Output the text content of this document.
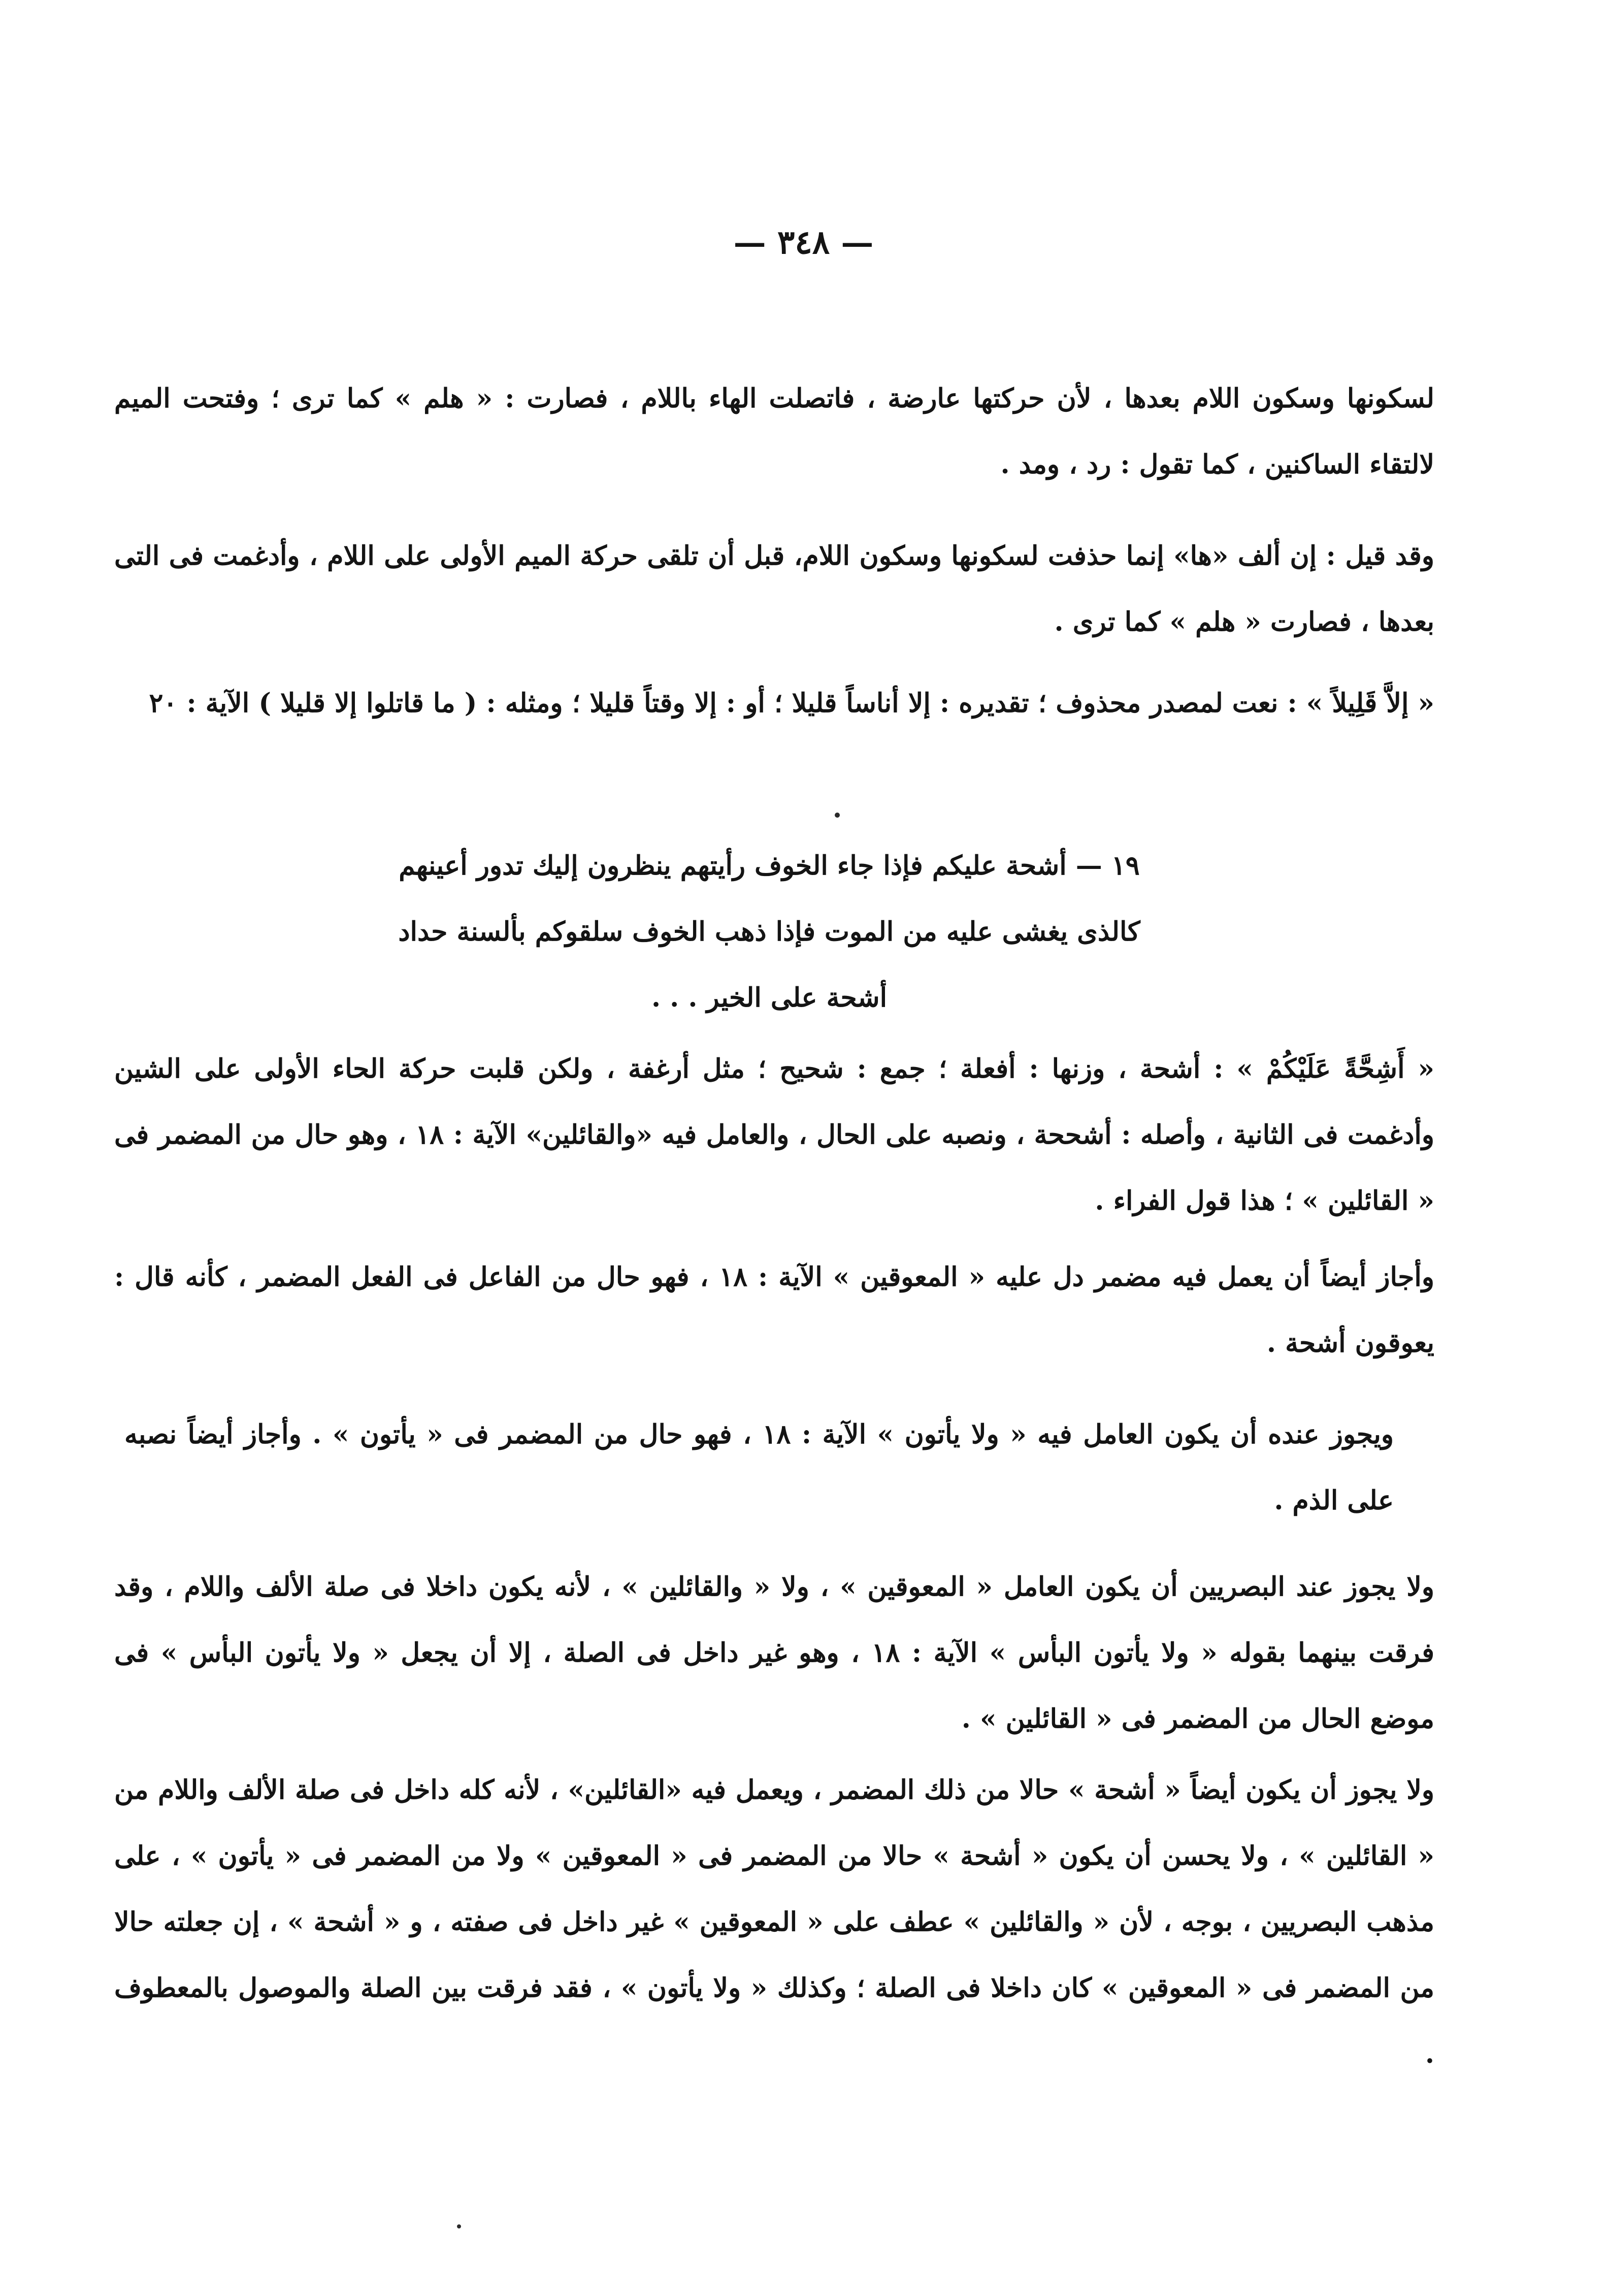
— ٣٤٨ —

لسكونها وسكون اللام بعدها ، لأن حركتها عارضة ، فاتصلت الهاء باللام ، فصارت : « هلم » كما ترى ؛ وفتحت الميم لالتقاء الساكنين ، كما تقول : رد ، ومد .

وقد قيل : إن ألف «ها» إنما حذفت لسكونها وسكون اللام، قبل أن تلقى حركة الميم الأولى على اللام ، وأدغمت فى التى بعدها ، فصارت « هلم » كما ترى .

« إلاَّ قَلِيلاً » : نعت لمصدر محذوف ؛ تقديره : إلا أناساً قليلا ؛ أو : إلا وقتاً قليلا ؛ ومثله : ( ما قاتلوا إلا قليلا ) الآية : ٢٠

١٩ — أشحة عليكم فإذا جاء الخوف رأيتهم ينظرون إليك تدور أعينهم
كالذى يغشى عليه من الموت فإذا ذهب الخوف سلقوكم بألسنة حداد
أشحة على الخير . . .

« أَشِحَّةً عَلَيْكُمْ » : أشحة ، وزنها : أفعلة ؛ جمع : شحيح ؛ مثل أرغفة ، ولكن قلبت حركة الحاء الأولى على الشين وأدغمت فى الثانية ، وأصله : أشححة ، ونصبه على الحال ، والعامل فيه «والقائلين» الآية : ١٨ ، وهو حال من المضمر فى « القائلين » ؛ هذا قول الفراء .

وأجاز أيضاً أن يعمل فيه مضمر دل عليه « المعوقين » الآية : ١٨ ، فهو حال من الفاعل فى الفعل المضمر ، كأنه قال : يعوقون أشحة .

ويجوز عنده أن يكون العامل فيه « ولا يأتون » الآية : ١٨ ، فهو حال من المضمر فى « يأتون » . وأجاز أيضاً نصبه على الذم .

ولا يجوز عند البصريين أن يكون العامل « المعوقين » ، ولا « والقائلين » ، لأنه يكون داخلا فى صلة الألف واللام ، وقد فرقت بينهما بقوله « ولا يأتون البأس » الآية : ١٨ ، وهو غير داخل فى الصلة ، إلا أن يجعل « ولا يأتون البأس » فى موضع الحال من المضمر فى « القائلين » .

ولا يجوز أن يكون أيضاً « أشحة » حالا من ذلك المضمر ، ويعمل فيه «القائلين» ، لأنه كله داخل فى صلة الألف واللام من « القائلين » ، ولا يحسن أن يكون « أشحة » حالا من المضمر فى « المعوقين » ولا من المضمر فى « يأتون » ، على مذهب البصريين ، بوجه ، لأن « والقائلين » عطف على « المعوقين » غير داخل فى صفته ، و « أشحة » ، إن جعلته حالا من المضمر فى « المعوقين » كان داخلا فى الصلة ؛ وكذلك « ولا يأتون » ، فقد فرقت بين الصلة والموصول بالمعطوف .
